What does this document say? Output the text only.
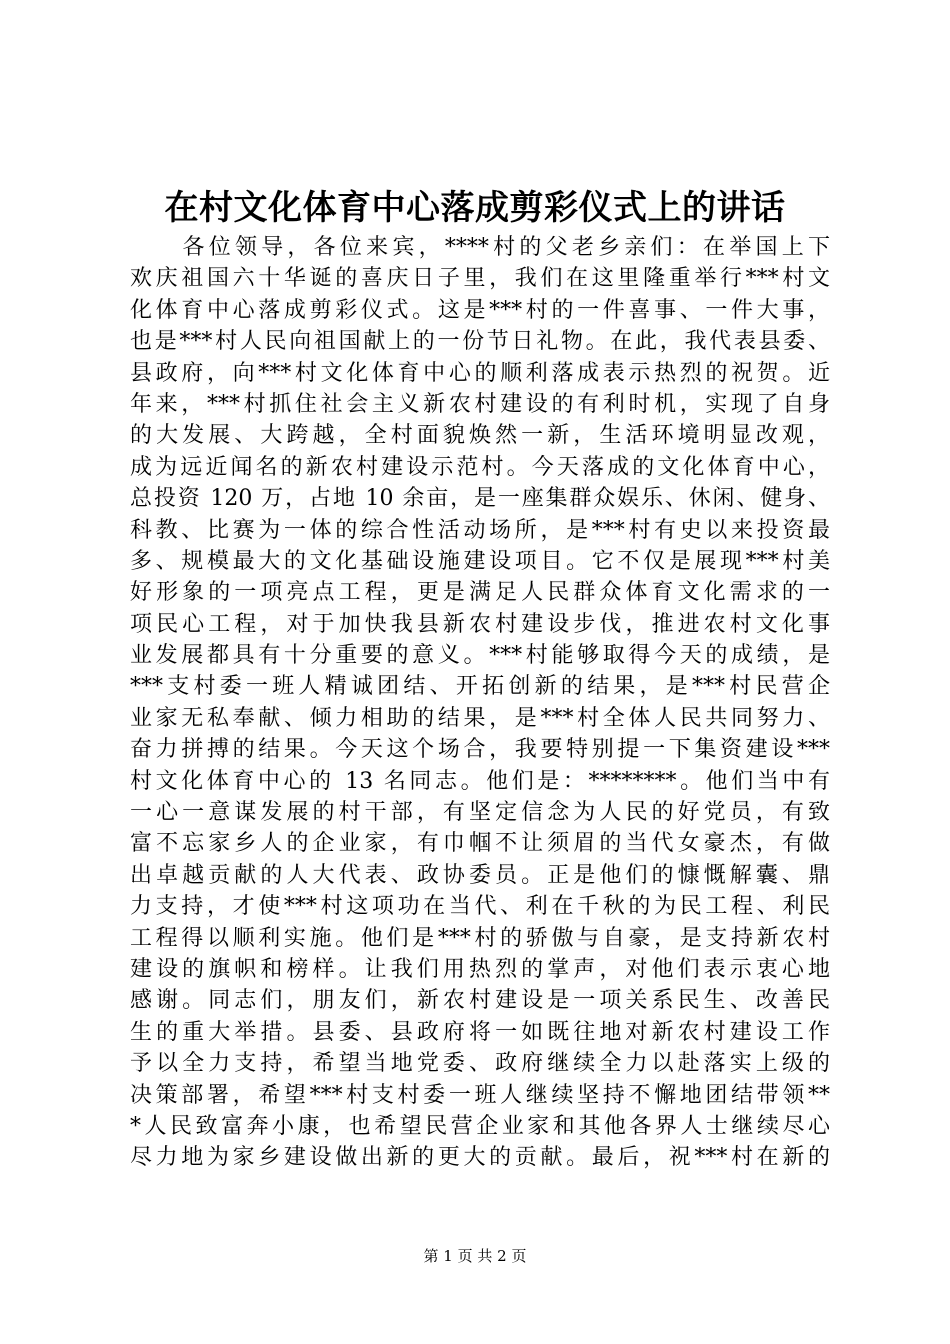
在村文化体育中心落成剪彩仪式上的讲话
　　各位领导，各位来宾，****村的父老乡亲们：在举国上下
欢庆祖国六十华诞的喜庆日子里，我们在这里隆重举行***村文
化体育中心落成剪彩仪式。这是***村的一件喜事、一件大事，
也是***村人民向祖国献上的一份节日礼物。在此，我代表县委、
县政府，向***村文化体育中心的顺利落成表示热烈的祝贺。近
年来，***村抓住社会主义新农村建设的有利时机，实现了自身
的大发展、大跨越，全村面貌焕然一新，生活环境明显改观，
成为远近闻名的新农村建设示范村。今天落成的文化体育中心，
总投资 120 万，占地 10 余亩，是一座集群众娱乐、休闲、健身、
科教、比赛为一体的综合性活动场所，是***村有史以来投资最
多、规模最大的文化基础设施建设项目。它不仅是展现***村美
好形象的一项亮点工程，更是满足人民群众体育文化需求的一
项民心工程，对于加快我县新农村建设步伐，推进农村文化事
业发展都具有十分重要的意义。***村能够取得今天的成绩，是
***支村委一班人精诚团结、开拓创新的结果，是***村民营企
业家无私奉献、倾力相助的结果，是***村全体人民共同努力、
奋力拼搏的结果。今天这个场合，我要特别提一下集资建设***
村文化体育中心的 13 名同志。他们是：********。他们当中有
一心一意谋发展的村干部，有坚定信念为人民的好党员，有致
富不忘家乡人的企业家，有巾帼不让须眉的当代女豪杰，有做
出卓越贡献的人大代表、政协委员。正是他们的慷慨解囊、鼎
力支持，才使***村这项功在当代、利在千秋的为民工程、利民
工程得以顺利实施。他们是***村的骄傲与自豪，是支持新农村
建设的旗帜和榜样。让我们用热烈的掌声，对他们表示衷心地
感谢。同志们，朋友们，新农村建设是一项关系民生、改善民
生的重大举措。县委、县政府将一如既往地对新农村建设工作
予以全力支持，希望当地党委、政府继续全力以赴落实上级的
决策部署，希望***村支村委一班人继续坚持不懈地团结带领**
*人民致富奔小康，也希望民营企业家和其他各界人士继续尽心
尽力地为家乡建设做出新的更大的贡献。最后，祝***村在新的
第 1 页 共 2 页
